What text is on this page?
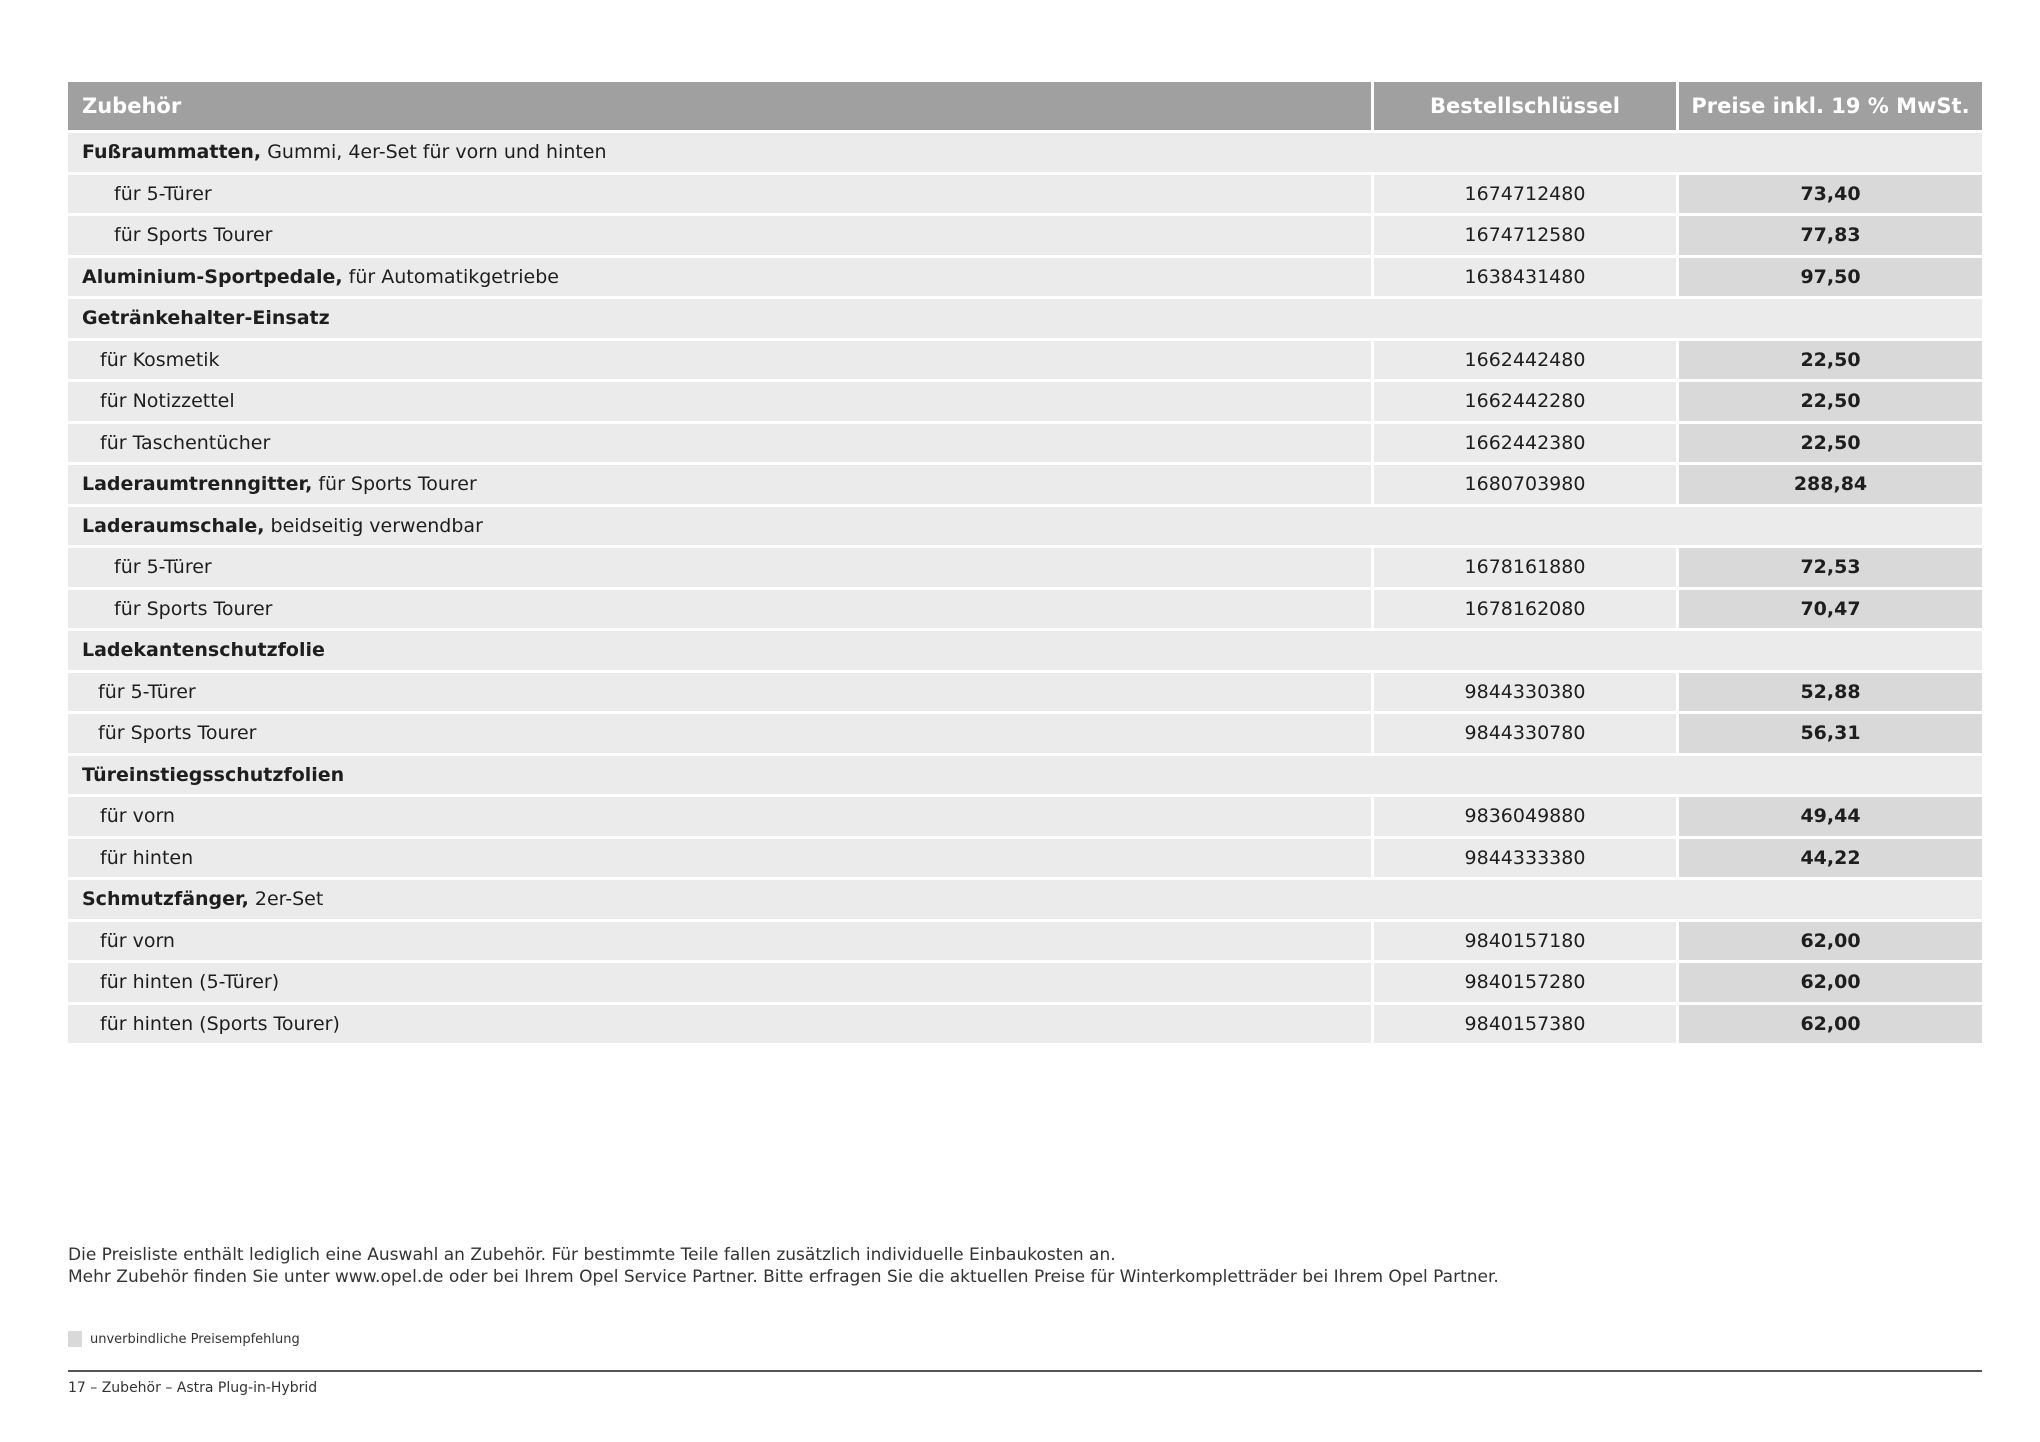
Zubehör	Bestellschlüssel	Preise inkl. 19 % MwSt.
Fußraummatten, Gummi, 4er-Set für vorn und hinten
für 5-Türer	1674712480	73,40
für Sports Tourer	1674712580	77,83
Aluminium-Sportpedale, für Automatikgetriebe	1638431480	97,50
Getränkehalter-Einsatz
für Kosmetik	1662442480	22,50
für Notizzettel	1662442280	22,50
für Taschentücher	1662442380	22,50
Laderaumtrenngitter, für Sports Tourer	1680703980	288,84
Laderaumschale, beidseitig verwendbar
für 5-Türer	1678161880	72,53
für Sports Tourer	1678162080	70,47
Ladekantenschutzfolie
für 5-Türer	9844330380	52,88
für Sports Tourer	9844330780	56,31
Türeinstiegsschutzfolien
für vorn	9836049880	49,44
für hinten	9844333380	44,22
Schmutzfänger, 2er-Set
für vorn	9840157180	62,00
für hinten (5-Türer)	9840157280	62,00
für hinten (Sports Tourer)	9840157380	62,00
Die Preisliste enthält lediglich eine Auswahl an Zubehör. Für bestimmte Teile fallen zusätzlich individuelle Einbaukosten an.
Mehr Zubehör finden Sie unter www.opel.de oder bei Ihrem Opel Service Partner. Bitte erfragen Sie die aktuellen Preise für Winterkompletträder bei Ihrem Opel Partner.
unverbindliche Preisempfehlung
17 – Zubehör – Astra Plug-in-Hybrid
